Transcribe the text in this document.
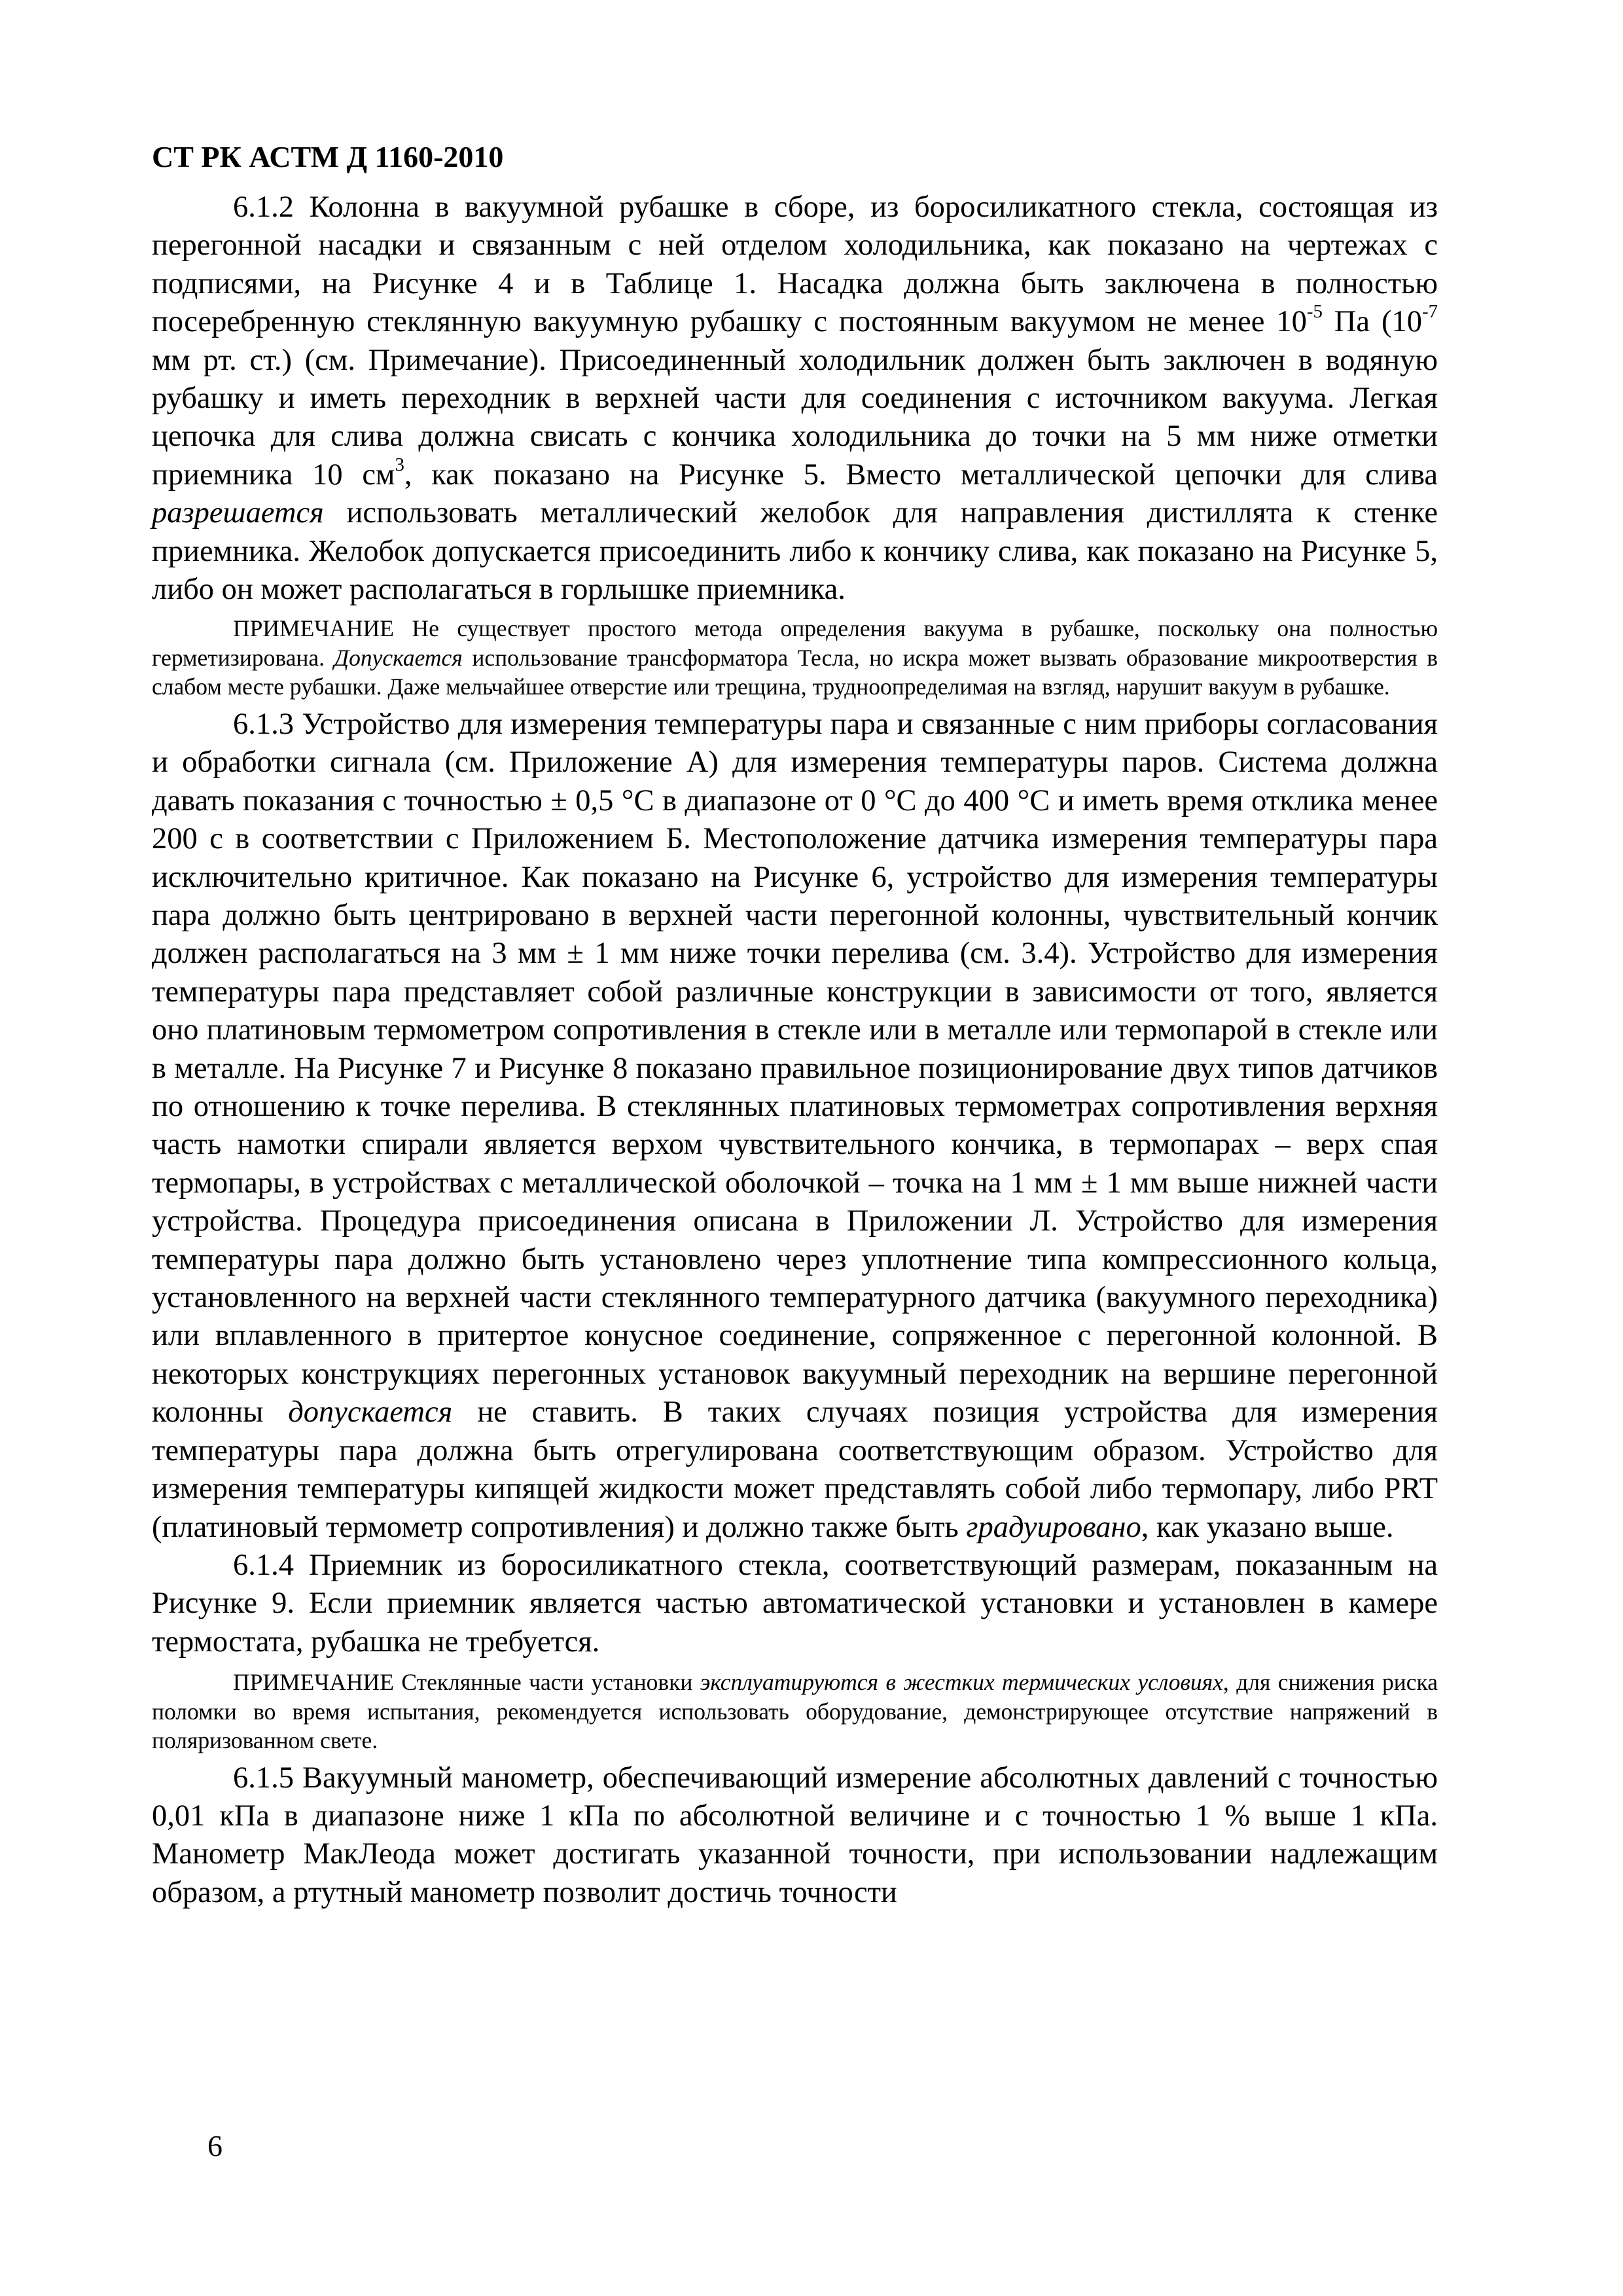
СТ РК АСТМ Д 1160-2010

6.1.2 Колонна в вакуумной рубашке в сборе, из боросиликатного стекла, состоящая из перегонной насадки и связанным с ней отделом холодильника, как показано на чертежах с подписями, на Рисунке 4 и в Таблице 1. Насадка должна быть заключена в полностью посеребренную стеклянную вакуумную рубашку с постоянным вакуумом не менее $10^{-5}$ Па ($10^{-7}$ мм рт. ст.) (см. Примечание). Присоединенный холодильник должен быть заключен в водяную рубашку и иметь переходник в верхней части для соединения с источником вакуума. Легкая цепочка для слива должна свисать с кончика холодильника до точки на 5 мм ниже отметки приемника 10 $см^3$, как показано на Рисунке 5. Вместо металлической цепочки для слива разрешается использовать металлический желобок для направления дистиллята к стенке приемника. Желобок допускается присоединить либо к кончику слива, как показано на Рисунке 5, либо он может располагаться в горлышке приемника.

ПРИМЕЧАНИЕ Не существует простого метода определения вакуума в рубашке, поскольку она полностью герметизирована. Допускается использование трансформатора Тесла, но искра может вызвать образование микроотверстия в слабом месте рубашки. Даже мельчайшее отверстие или трещина, трудноопределимая на взгляд, нарушит вакуум в рубашке.

6.1.3 Устройство для измерения температуры пара и связанные с ним приборы согласования и обработки сигнала (см. Приложение А) для измерения температуры паров. Система должна давать показания с точностью ± 0,5 °С в диапазоне от 0 °С до 400 °С и иметь время отклика менее 200 с в соответствии с Приложением Б. Местоположение датчика измерения температуры пара исключительно критичное. Как показано на Рисунке 6, устройство для измерения температуры пара должно быть центрировано в верхней части перегонной колонны, чувствительный кончик должен располагаться на 3 мм ± 1 мм ниже точки перелива (см. 3.4). Устройство для измерения температуры пара представляет собой различные конструкции в зависимости от того, является оно платиновым термометром сопротивления в стекле или в металле или термопарой в стекле или в металле. На Рисунке 7 и Рисунке 8 показано правильное позиционирование двух типов датчиков по отношению к точке перелива. В стеклянных платиновых термометрах сопротивления верхняя часть намотки спирали является верхом чувствительного кончика, в термопарах – верх спая термопары, в устройствах с металлической оболочкой – точка на 1 мм ± 1 мм выше нижней части устройства. Процедура присоединения описана в Приложении Л. Устройство для измерения температуры пара должно быть установлено через уплотнение типа компрессионного кольца, установленного на верхней части стеклянного температурного датчика (вакуумного переходника) или вплавленного в притертое конусное соединение, сопряженное с перегонной колонной. В некоторых конструкциях перегонных установок вакуумный переходник на вершине перегонной колонны допускается не ставить. В таких случаях позиция устройства для измерения температуры пара должна быть отрегулирована соответствующим образом. Устройство для измерения температуры кипящей жидкости может представлять собой либо термопару, либо PRT (платиновый термометр сопротивления) и должно также быть градуировано, как указано выше.

6.1.4 Приемник из боросиликатного стекла, соответствующий размерам, показанным на Рисунке 9. Если приемник является частью автоматической установки и установлен в камере термостата, рубашка не требуется.

ПРИМЕЧАНИЕ Стеклянные части установки эксплуатируются в жестких термических условиях, для снижения риска поломки во время испытания, рекомендуется использовать оборудование, демонстрирующее отсутствие напряжений в поляризованном свете.

6.1.5 Вакуумный манометр, обеспечивающий измерение абсолютных давлений с точностью 0,01 кПа в диапазоне ниже 1 кПа по абсолютной величине и с точностью 1 % выше 1 кПа. Манометр МакЛеода может достигать указанной точности, при использовании надлежащим образом, а ртутный манометр позволит достичь точности

6
